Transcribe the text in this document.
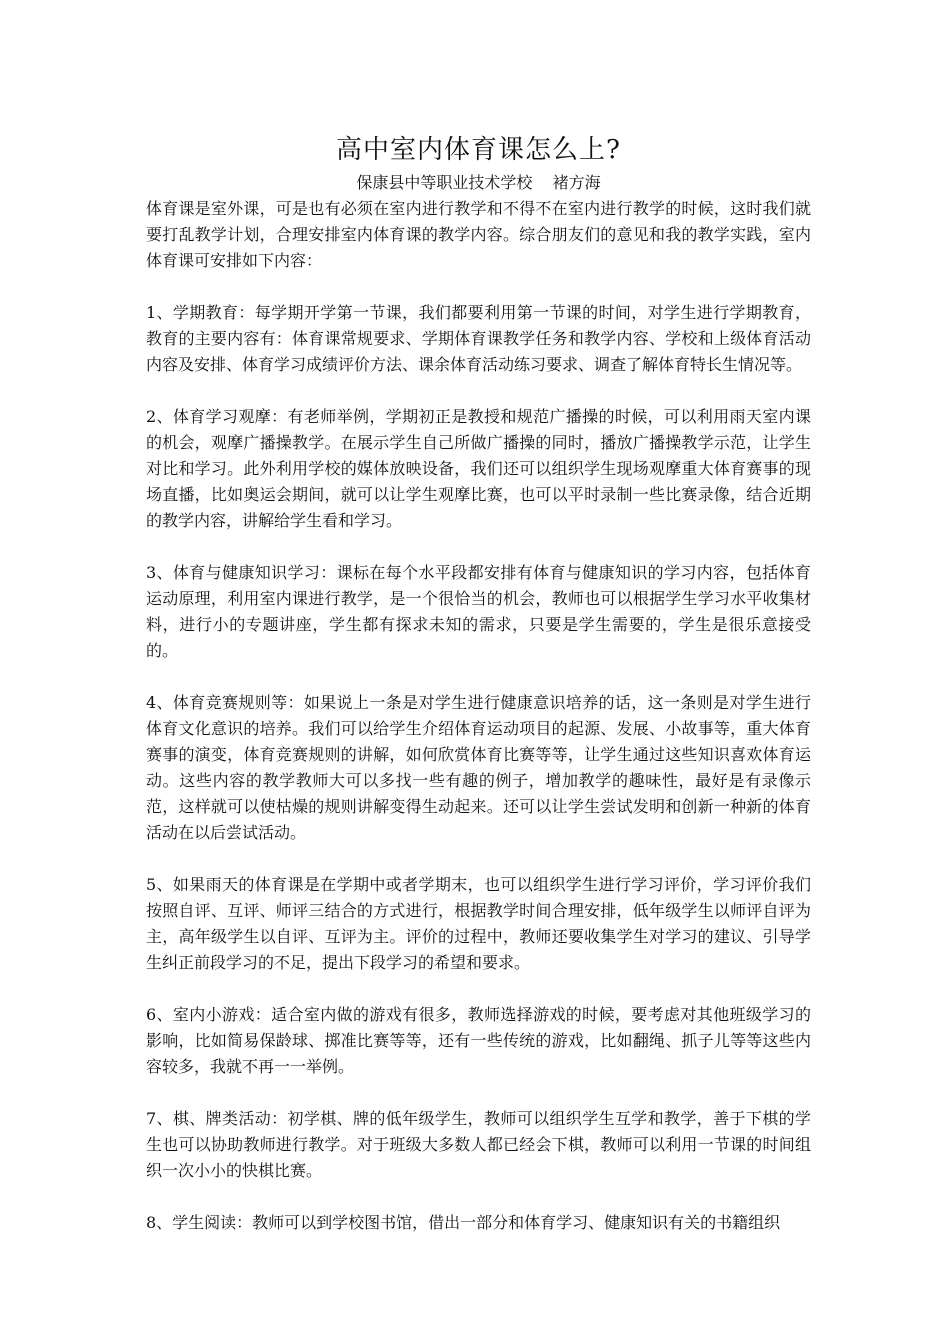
高中室内体育课怎么上?

保康县中等职业技术学校    褚方海

体育课是室外课，可是也有必须在室内进行教学和不得不在室内进行教学的时候，这时我们就要打乱教学计划，合理安排室内体育课的教学内容。综合朋友们的意见和我的教学实践，室内体育课可安排如下内容：

1、学期教育：每学期开学第一节课，我们都要利用第一节课的时间，对学生进行学期教育，教育的主要内容有：体育课常规要求、学期体育课教学任务和教学内容、学校和上级体育活动内容及安排、体育学习成绩评价方法、课余体育活动练习要求、调查了解体育特长生情况等。

2、体育学习观摩：有老师举例，学期初正是教授和规范广播操的时候，可以利用雨天室内课的机会，观摩广播操教学。在展示学生自己所做广播操的同时，播放广播操教学示范，让学生对比和学习。此外利用学校的媒体放映设备，我们还可以组织学生现场观摩重大体育赛事的现场直播，比如奥运会期间，就可以让学生观摩比赛，也可以平时录制一些比赛录像，结合近期的教学内容，讲解给学生看和学习。

3、体育与健康知识学习：课标在每个水平段都安排有体育与健康知识的学习内容，包括体育运动原理，利用室内课进行教学，是一个很恰当的机会，教师也可以根据学生学习水平收集材料，进行小的专题讲座，学生都有探求未知的需求，只要是学生需要的，学生是很乐意接受的。

4、体育竞赛规则等：如果说上一条是对学生进行健康意识培养的话，这一条则是对学生进行体育文化意识的培养。我们可以给学生介绍体育运动项目的起源、发展、小故事等，重大体育赛事的演变，体育竞赛规则的讲解，如何欣赏体育比赛等等，让学生通过这些知识喜欢体育运动。这些内容的教学教师大可以多找一些有趣的例子，增加教学的趣味性，最好是有录像示范，这样就可以使枯燥的规则讲解变得生动起来。还可以让学生尝试发明和创新一种新的体育活动在以后尝试活动。

5、如果雨天的体育课是在学期中或者学期末，也可以组织学生进行学习评价，学习评价我们按照自评、互评、师评三结合的方式进行，根据教学时间合理安排，低年级学生以师评自评为主，高年级学生以自评、互评为主。评价的过程中，教师还要收集学生对学习的建议、引导学生纠正前段学习的不足，提出下段学习的希望和要求。

6、室内小游戏：适合室内做的游戏有很多，教师选择游戏的时候，要考虑对其他班级学习的影响，比如简易保龄球、掷准比赛等等，还有一些传统的游戏，比如翻绳、抓子儿等等这些内容较多，我就不再一一举例。

7、棋、牌类活动：初学棋、牌的低年级学生，教师可以组织学生互学和教学，善于下棋的学生也可以协助教师进行教学。对于班级大多数人都已经会下棋，教师可以利用一节课的时间组织一次小小的快棋比赛。

8、学生阅读：教师可以到学校图书馆，借出一部分和体育学习、健康知识有关的书籍组织
